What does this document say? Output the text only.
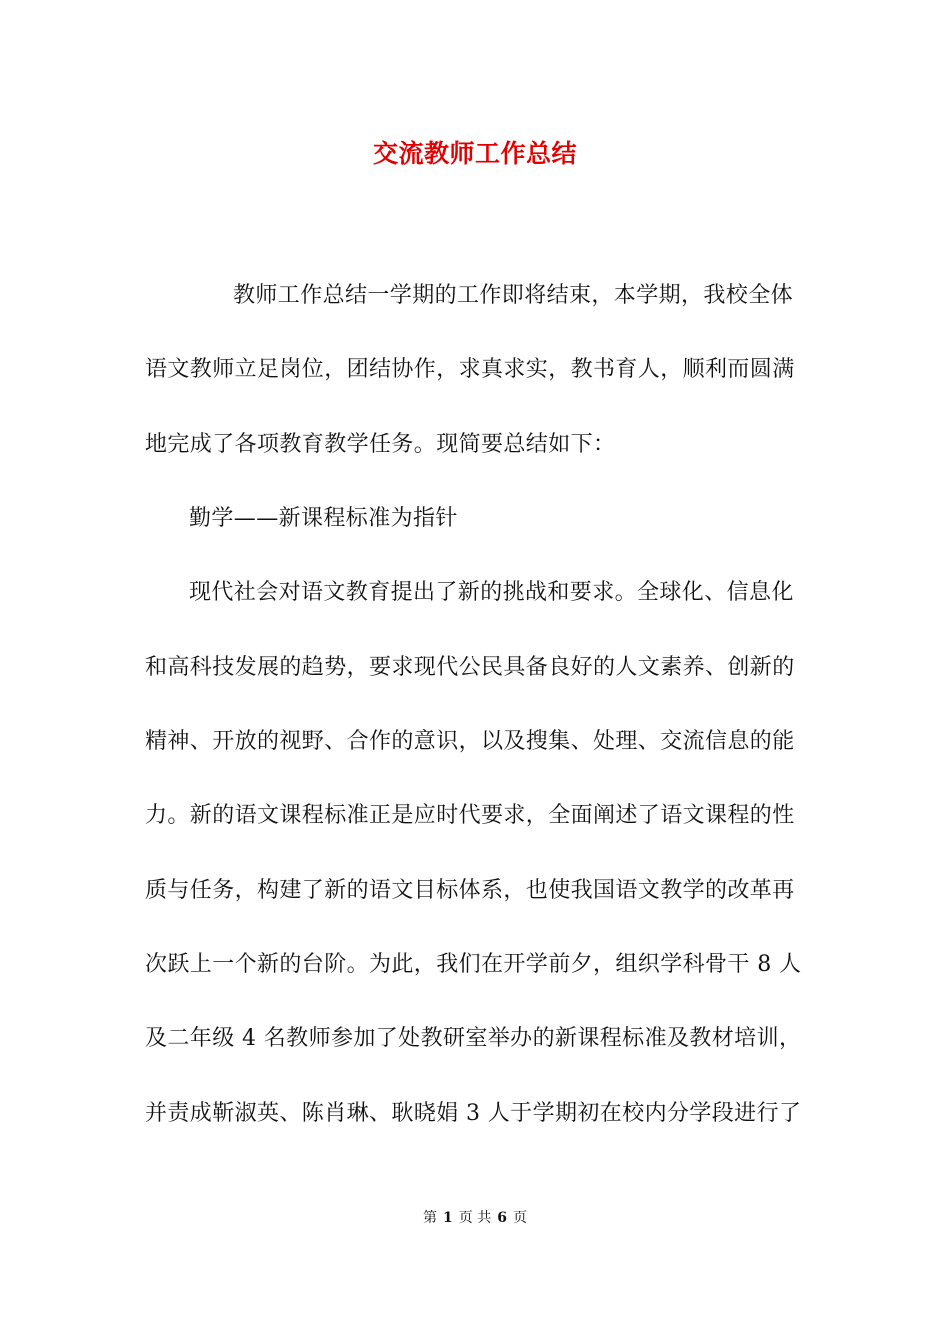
交流教师工作总结
教师工作总结一学期的工作即将结束，本学期，我校全体
语文教师立足岗位，团结协作，求真求实，教书育人，顺利而圆满
地完成了各项教育教学任务。现简要总结如下：
勤学——新课程标准为指针
现代社会对语文教育提出了新的挑战和要求。全球化、信息化
和高科技发展的趋势，要求现代公民具备良好的人文素养、创新的
精神、开放的视野、合作的意识，以及搜集、处理、交流信息的能
力。新的语文课程标准正是应时代要求，全面阐述了语文课程的性
质与任务，构建了新的语文目标体系，也使我国语文教学的改革再
次跃上一个新的台阶。为此，我们在开学前夕，组织学科骨干 8 人
及二年级 4 名教师参加了处教研室举办的新课程标准及教材培训，
并责成靳淑英、陈肖琳、耿晓娟 3 人于学期初在校内分学段进行了
第 1 页 共 6 页
